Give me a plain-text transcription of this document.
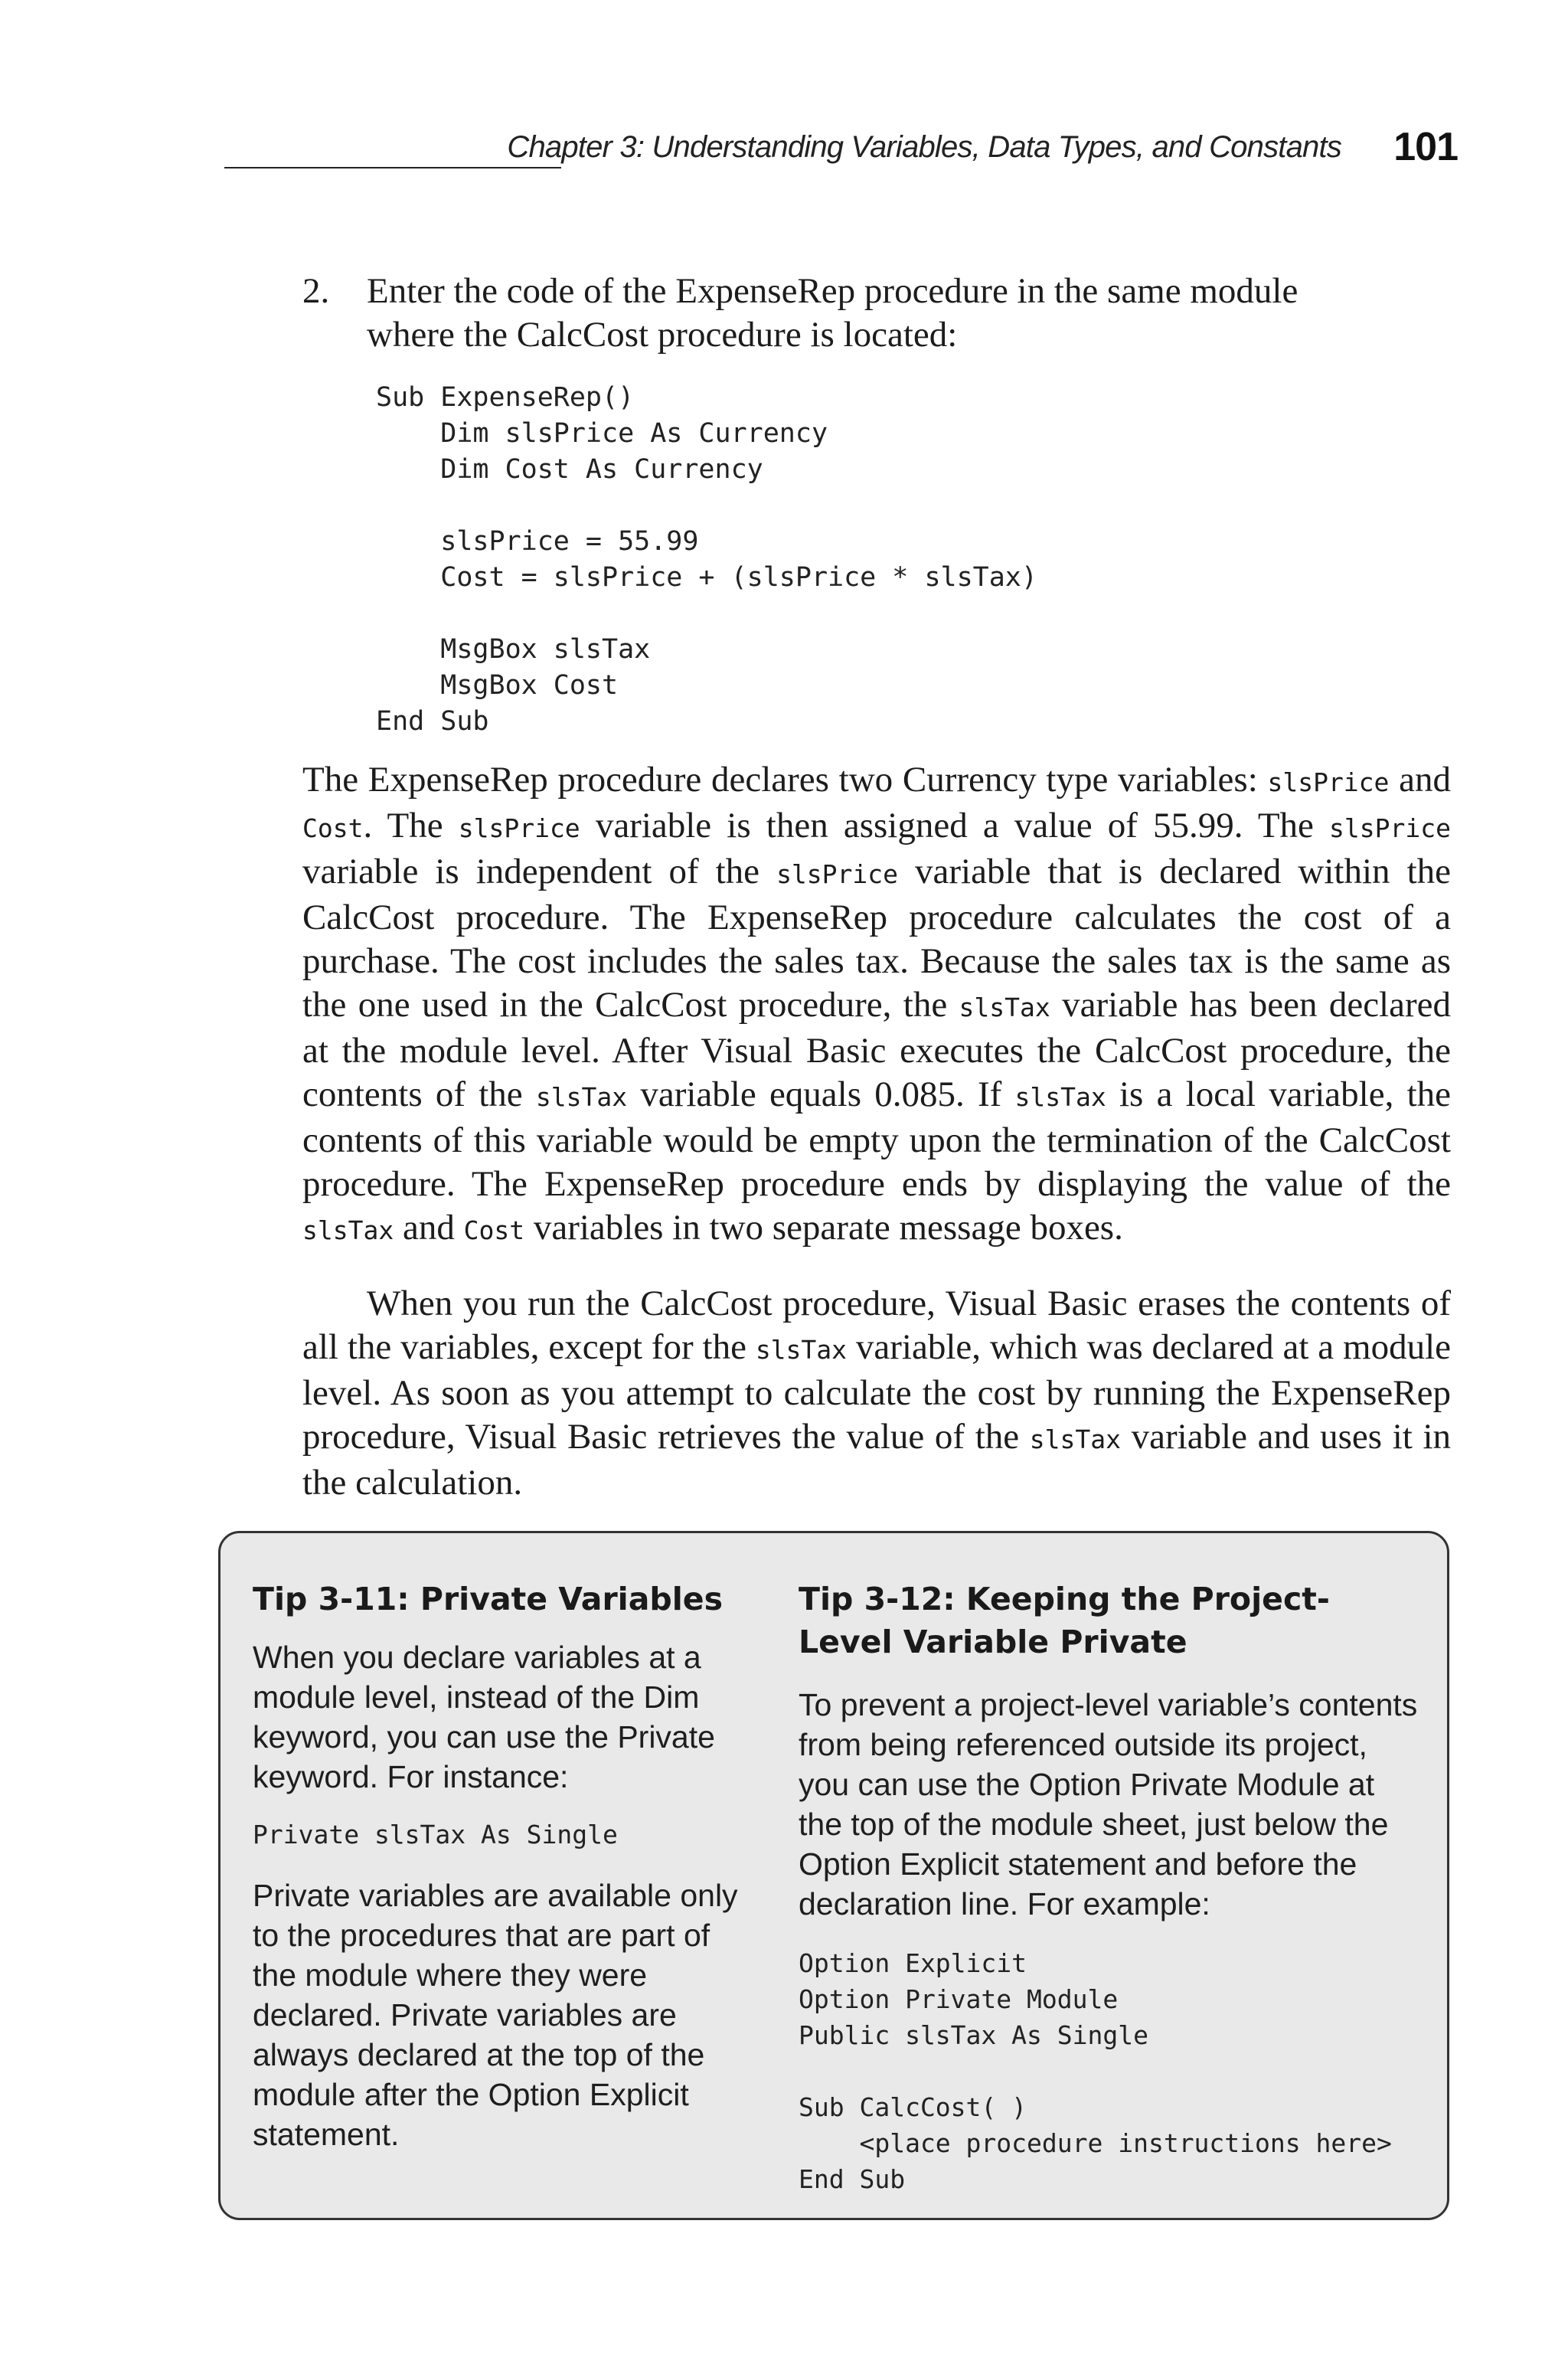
Chapter 3: Understanding Variables, Data Types, and Constants 101
2. Enter the code of the ExpenseRep procedure in the same module where the CalcCost procedure is located:
Sub ExpenseRep()
Dim slsPrice As Currency
Dim Cost As Currency

slsPrice = 55.99
Cost = slsPrice + (slsPrice * slsTax)

MsgBox slsTax
MsgBox Cost
End Sub

The ExpenseRep procedure declares two Currency type variables: slsPrice and Cost. The slsPrice variable is then assigned a value of 55.99. The slsPrice variable is independent of the slsPrice variable that is declared within the CalcCost procedure. The ExpenseRep procedure calculates the cost of a purchase. The cost includes the sales tax. Because the sales tax is the same as the one used in the CalcCost procedure, the slsTax variable has been declared at the module level. After Visual Basic executes the CalcCost procedure, the contents of the slsTax variable equals 0.085. If slsTax is a local variable, the contents of this variable would be empty upon the termination of the CalcCost procedure. The ExpenseRep procedure ends by displaying the value of the slsTax and Cost variables in two separate message boxes.

When you run the CalcCost procedure, Visual Basic erases the contents of all the variables, except for the slsTax variable, which was declared at a module level. As soon as you attempt to calculate the cost by running the ExpenseRep procedure, Visual Basic retrieves the value of the slsTax variable and uses it in the calculation.

Tip 3-11: Private Variables

When you declare variables at a module level, instead of the Dim keyword, you can use the Private keyword. For instance:

Private slsTax As Single

Private variables are available only to the procedures that are part of the module where they were declared. Private variables are always declared at the top of the module after the Option Explicit statement.

Tip 3-12: Keeping the Project-Level Variable Private

To prevent a project-level variable’s contents from being referenced outside its project, you can use the Option Private Module at the top of the module sheet, just below the Option Explicit statement and before the declaration line. For example:

Option Explicit
Option Private Module
Public slsTax As Single

Sub CalcCost( )
<place procedure instructions here>
End Sub
